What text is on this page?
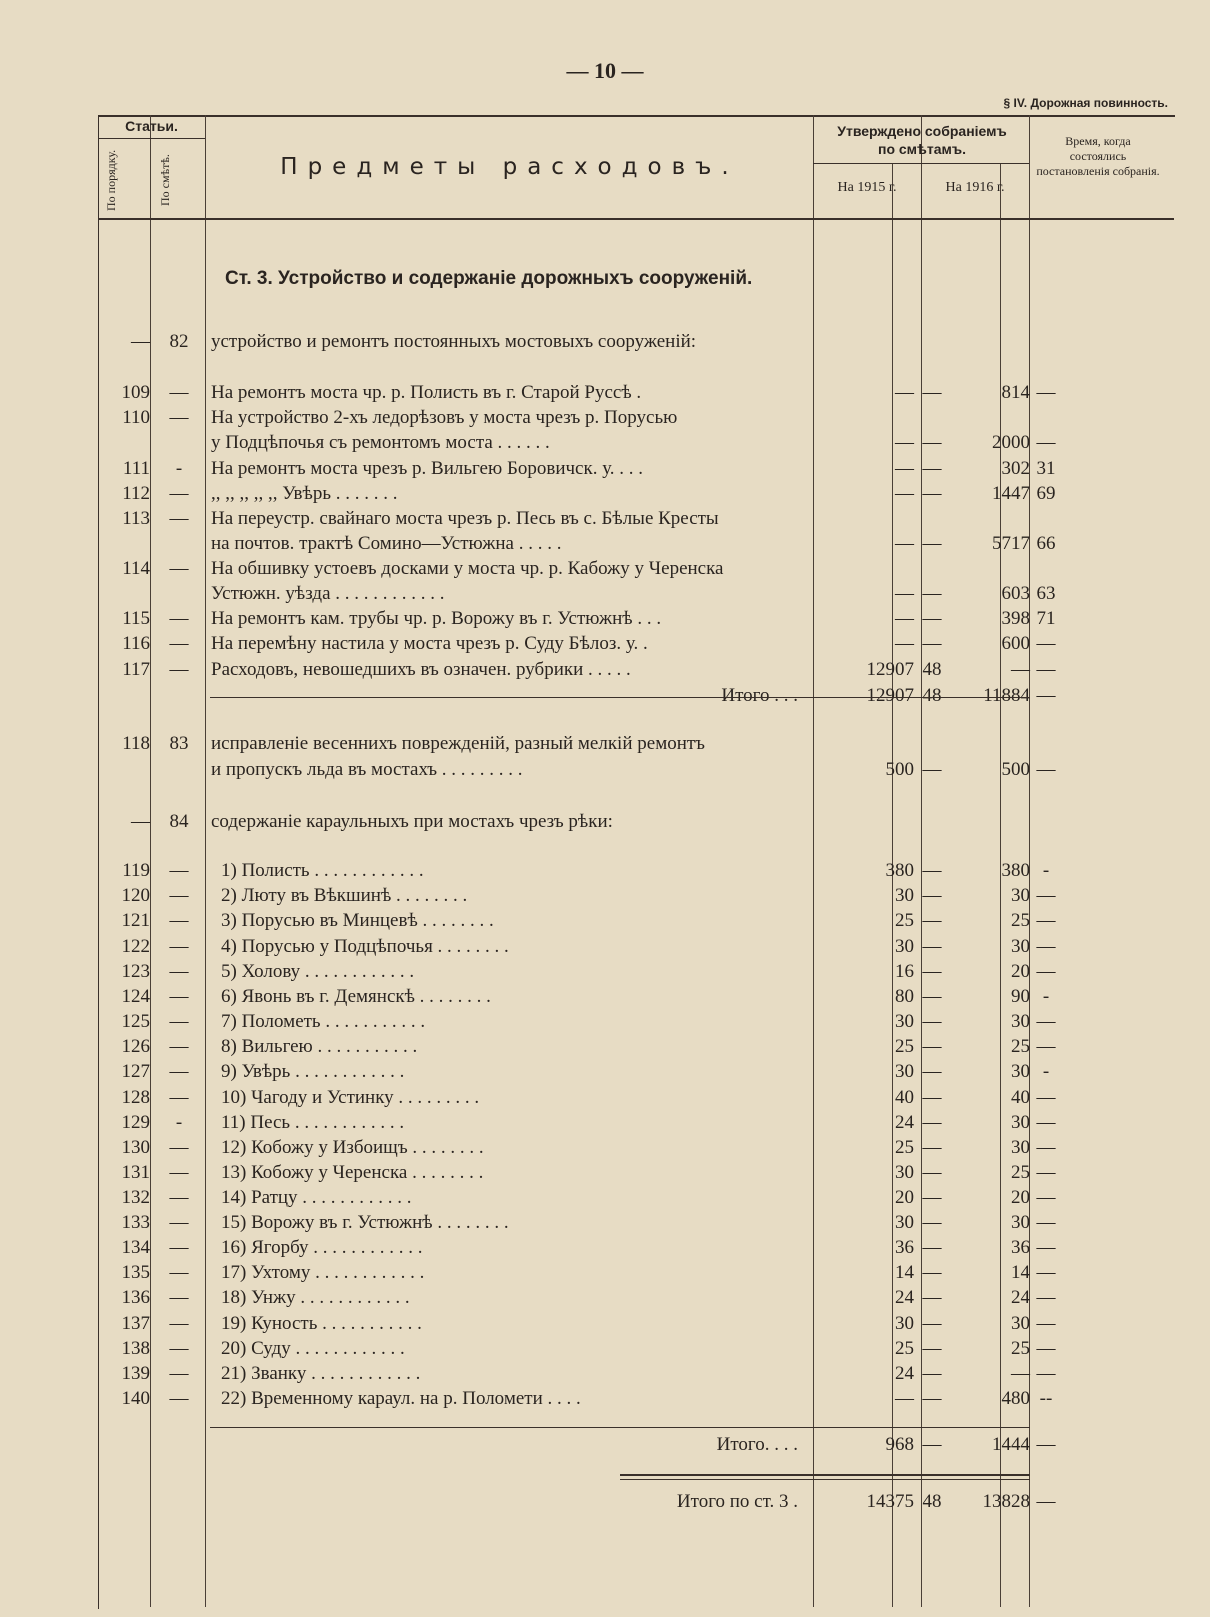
— 10 —
§ IV. Дорожная повинность.
Статьи.
По порядку.	По смѣтѣ.	Предметы расходовъ.
Утверждено собраніемъ по смѣтамъ.
На 1915 г.	На 1916 г.
Время, когда состоялись постановленія собранія.
Ст. 3. Устройство и содержаніе дорожныхъ сооруженій.
—	82	устройство и ремонтъ постоянныхъ мостовыхъ сооруженій:
109	—	На ремонтъ моста чр. р. Полисть въ г. Старой Руссѣ .	— —	814 —
110	—	На устройство 2-хъ ледорѣзовъ у моста чрезъ р. Порусью
у Подцѣпочья съ ремонтомъ моста . . . . . .	— —	2000 —
111	-	На ремонтъ моста чрезъ р. Вильгею Боровичск. у. . . .	— —	302 31
112	—	,, ,, ,, ,, ,, Увѣрь . . . . . . .	— —	1447 69
113	—	На переустр. свайнаго моста чрезъ р. Песь въ с. Бѣлые Кресты
на почтов. трактѣ Сомино—Устюжна . . . . .	— —	5717 66
114	—	На обшивку устоевъ досками у моста чр. р. Кабожу у Черенска
Устюжн. уѣзда . . . . . . . . . . . .	— —	603 63
115	—	На ремонтъ кам. трубы чр. р. Ворожу въ г. Устюжнѣ . . .	— —	398 71
116	—	На перемѣну настила у моста чрезъ р. Суду Бѣлоз. у. .	— —	600 —
117	—	Расходовъ, невошедшихъ въ означен. рубрики . . . . .	12907 48	— —
Итого . . .	12907 48	11884 —
118	83	исправленіе весеннихъ поврежденій, разный мелкій ремонтъ
и пропускъ льда въ мостахъ . . . . . . . . .	500 —	500 —
—	84	содержаніе караульныхъ при мостахъ чрезъ рѣки:
119	—	1) Полисть . . . . . . . . . . . .	380 —	380 -
120	—	2) Люту въ Вѣкшинѣ . . . . . . . .	30 —	30 —
121	—	3) Порусью въ Минцевѣ . . . . . . . .	25 —	25 —
122	—	4) Порусью у Подцѣпочья . . . . . . . .	30 —	30 —
123	—	5) Холову . . . . . . . . . . . .	16 —	20 —
124	—	6) Явонь въ г. Демянскѣ . . . . . . . .	80 —	90 -
125	—	7) Полометь . . . . . . . . . . .	30 —	30 —
126	—	8) Вильгею . . . . . . . . . . .	25 —	25 —
127	—	9) Увѣрь . . . . . . . . . . . .	30 —	30 -
128	—	10) Чагоду и Устинку . . . . . . . . .	40 —	40 —
129	-	11) Песь . . . . . . . . . . . .	24 —	30 —
130	—	12) Кобожу у Избоищъ . . . . . . . .	25 —	30 —
131	—	13) Кобожу у Черенска . . . . . . . .	30 —	25 —
132	—	14) Ратцу . . . . . . . . . . . .	20 —	20 —
133	—	15) Ворожу въ г. Устюжнѣ . . . . . . . .	30 —	30 —
134	—	16) Ягорбу . . . . . . . . . . . .	36 —	36 —
135	—	17) Ухтому . . . . . . . . . . . .	14 —	14 —
136	—	18) Унжу . . . . . . . . . . . .	24 —	24 —
137	—	19) Куность . . . . . . . . . . .	30 —	30 —
138	—	20) Суду . . . . . . . . . . . .	25 —	25 —
139	—	21) Званку . . . . . . . . . . . .	24 —	— —
140	—	22) Временному караул. на р. Поломети . . . .	— —	480 --
Итого. . . .	968 —	1444 —
Итого по ст. 3 .	14375 48	13828 —
